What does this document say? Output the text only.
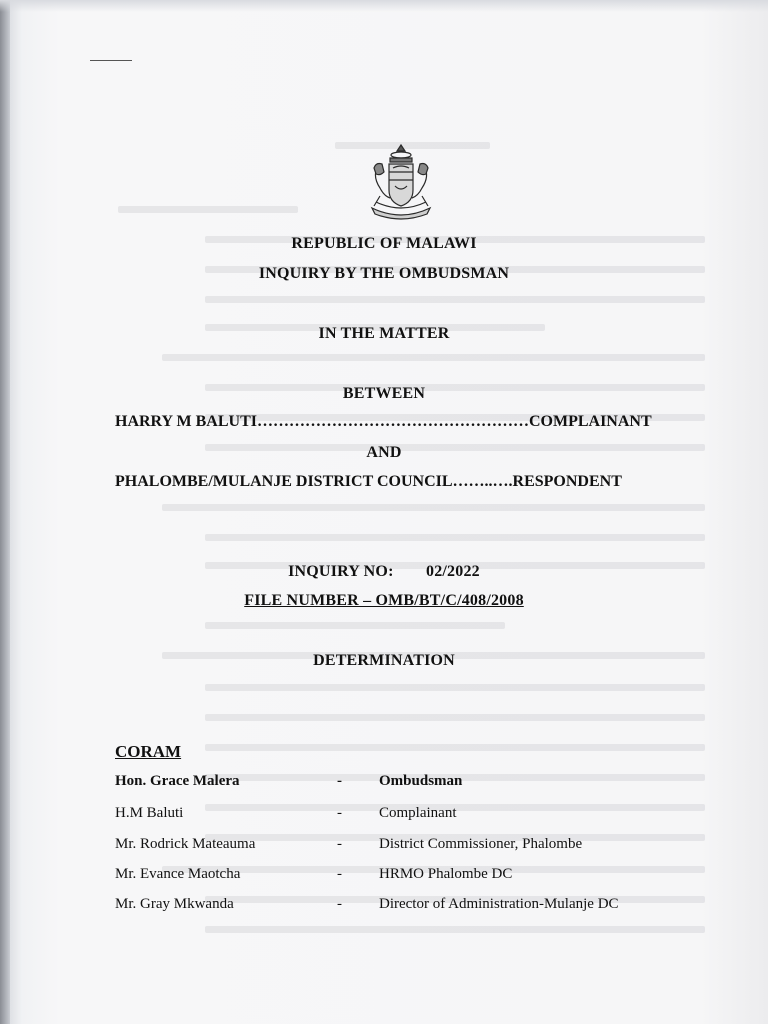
REPUBLIC OF MALAWI
INQUIRY BY THE OMBUDSMAN
IN THE MATTER
BETWEEN
HARRY M BALUTI……………………………………………COMPLAINANT
AND
PHALOMBE/MULANJE DISTRICT COUNCIL……..….RESPONDENT
INQUIRY NO: 02/2022
FILE NUMBER – OMB/BT/C/408/2008
DETERMINATION
CORAM
Hon. Grace Malera	- Ombudsman
H.M Baluti	- Complainant
Mr. Rodrick Mateauma	- District Commissioner, Phalombe
Mr. Evance Maotcha	- HRMO Phalombe DC
Mr. Gray Mkwanda	- Director of Administration-Mulanje DC
